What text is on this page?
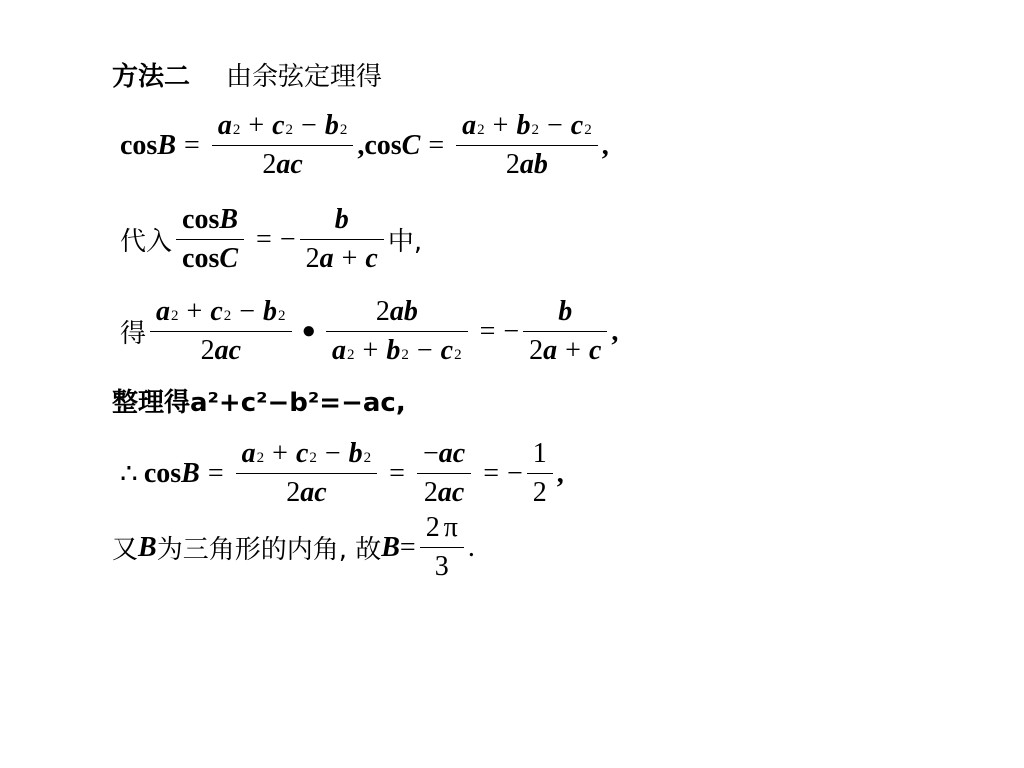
方法二 由余弦定理得
$\cos B = \frac{a 2 + c 2 - b 2}{\text{2 a c}}$ , $\cos C = \frac{a 2 + b 2 - c 2}{\text{2 a b}}$ ,
代入 $\frac{\text{cos B}}{\text{cos C}}$ = − $\frac{b}{2 a + c}$ 中,
得 $\frac{a 2 + c 2 - b 2}{\text{2 a c}}$ ● $\frac{\text{2 a b}}{a 2 + b 2 - c 2}$ = − $\frac{b}{2 a + c}$ ,
整理得a²+c²−b²=−ac,
∴ $\cos B = \frac{a 2 + c 2 - b 2}{\text{2 a c}} = \frac{\text{− a c}}{\text{2 a c}}$ = − $\frac{1}{2}$ ,
又 B 为三角形的内角, 故 $B = \frac{2 \pi}{3}$ .
